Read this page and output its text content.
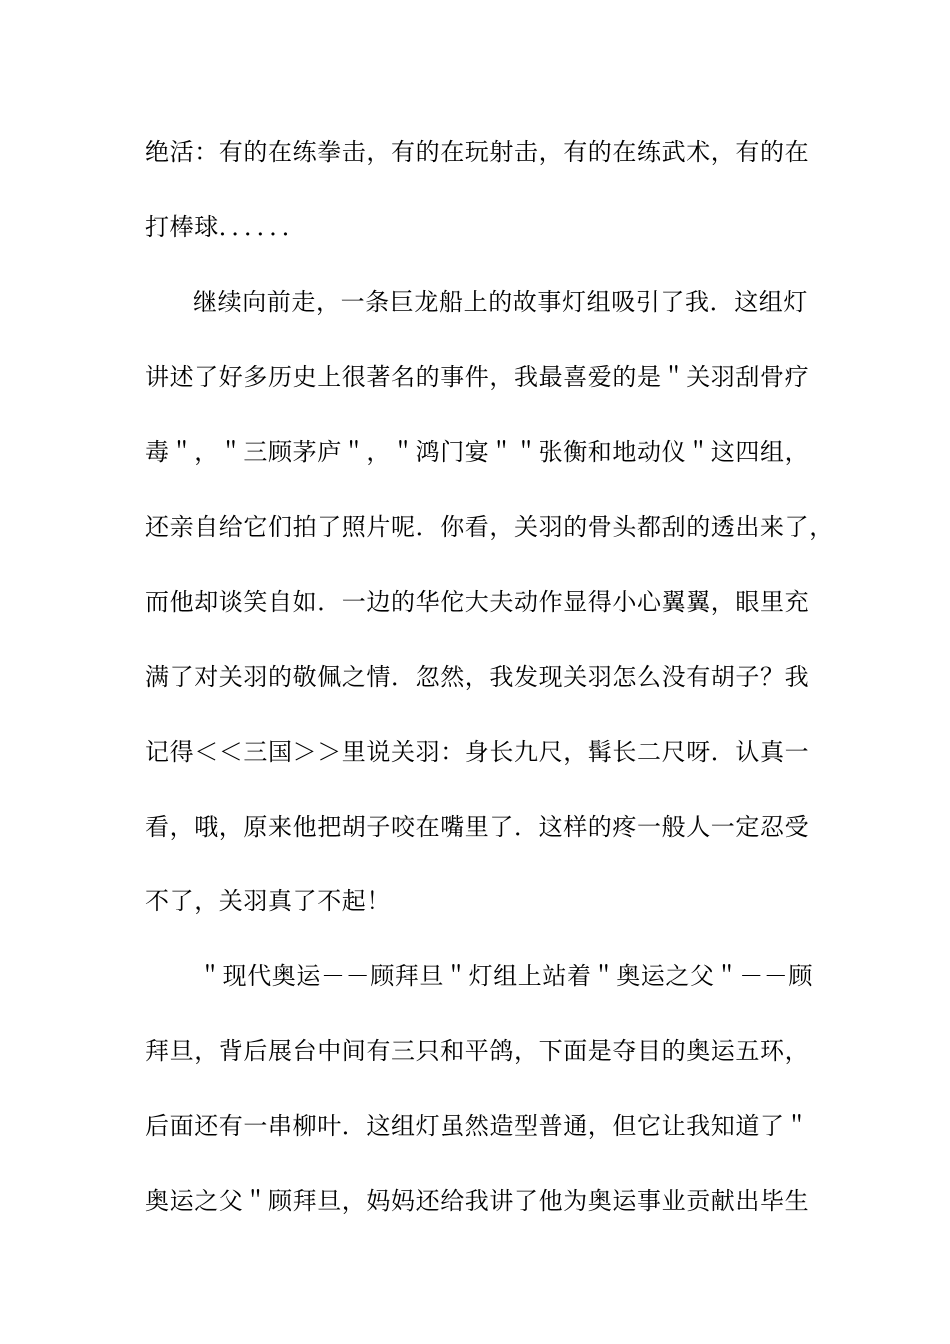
绝活：有的在练拳击，有的在玩射击，有的在练武术，有的在
打棒球．．．．．．
继续向前走，一条巨龙船上的故事灯组吸引了我．这组灯
讲述了好多历史上很著名的事件，我最喜爱的是＂关羽刮骨疗
毒＂，＂三顾茅庐＂，＂鸿门宴＂＂张衡和地动仪＂这四组，
还亲自给它们拍了照片呢．你看，关羽的骨头都刮的透出来了，
而他却谈笑自如．一边的华佗大夫动作显得小心翼翼，眼里充
满了对关羽的敬佩之情．忽然，我发现关羽怎么没有胡子？我
记得＜＜三国＞＞里说关羽：身长九尺，髯长二尺呀．认真一
看，哦，原来他把胡子咬在嘴里了．这样的疼一般人一定忍受
不了，关羽真了不起！
＂现代奥运－－顾拜旦＂灯组上站着＂奥运之父＂－－顾
拜旦，背后展台中间有三只和平鸽，下面是夺目的奥运五环，
后面还有一串柳叶．这组灯虽然造型普通，但它让我知道了＂
奥运之父＂顾拜旦，妈妈还给我讲了他为奥运事业贡献出毕生
